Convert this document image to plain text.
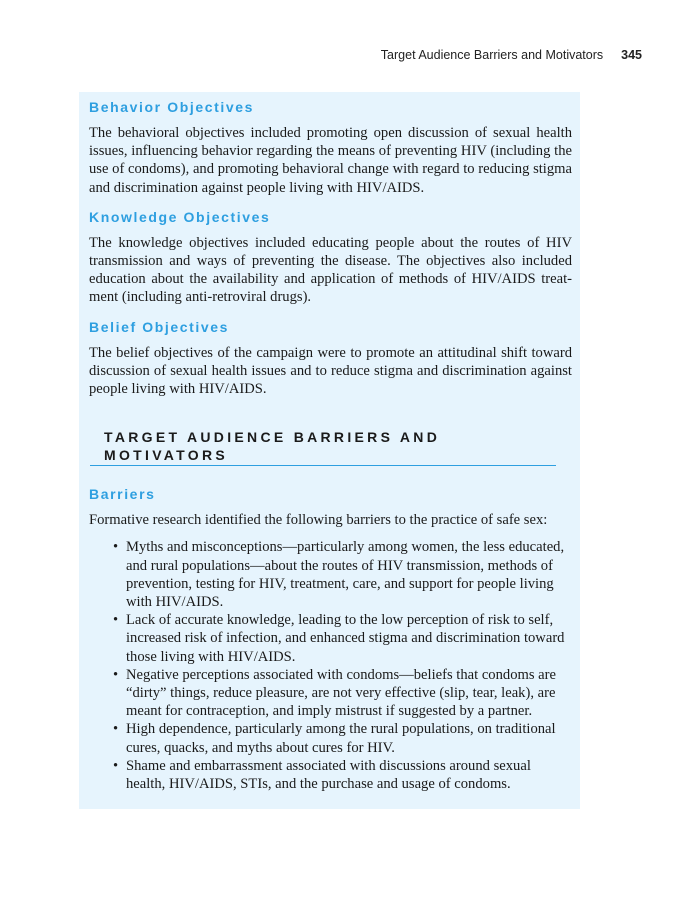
Target Audience Barriers and Motivators 345
Behavior Objectives

The behavioral objectives included promoting open discussion of sexual health issues, influencing behavior regarding the means of preventing HIV (including the use of condoms), and promoting behavioral change with regard to reducing stigma and discrimination against people living with HIV/AIDS.

Knowledge Objectives

The knowledge objectives included educating people about the routes of HIV transmission and ways of preventing the disease. The objectives also included education about the availability and application of methods of HIV/AIDS treatment (including anti-retroviral drugs).

Belief Objectives

The belief objectives of the campaign were to promote an attitudinal shift toward discussion of sexual health issues and to reduce stigma and discrimination against people living with HIV/AIDS.

TARGET AUDIENCE BARRIERS AND MOTIVATORS
Barriers

Formative research identified the following barriers to the practice of safe sex:

• Myths and misconceptions—particularly among women, the less educated, and rural populations—about the routes of HIV transmission, methods of prevention, testing for HIV, treatment, care, and support for people living with HIV/AIDS.
• Lack of accurate knowledge, leading to the low perception of risk to self, increased risk of infection, and enhanced stigma and discrimination toward those living with HIV/AIDS.
• Negative perceptions associated with condoms—beliefs that condoms are “dirty” things, reduce pleasure, are not very effective (slip, tear, leak), are meant for contraception, and imply mistrust if suggested by a partner.
• High dependence, particularly among the rural populations, on traditional cures, quacks, and myths about cures for HIV.
• Shame and embarrassment associated with discussions around sexual health, HIV/AIDS, STIs, and the purchase and usage of condoms.
